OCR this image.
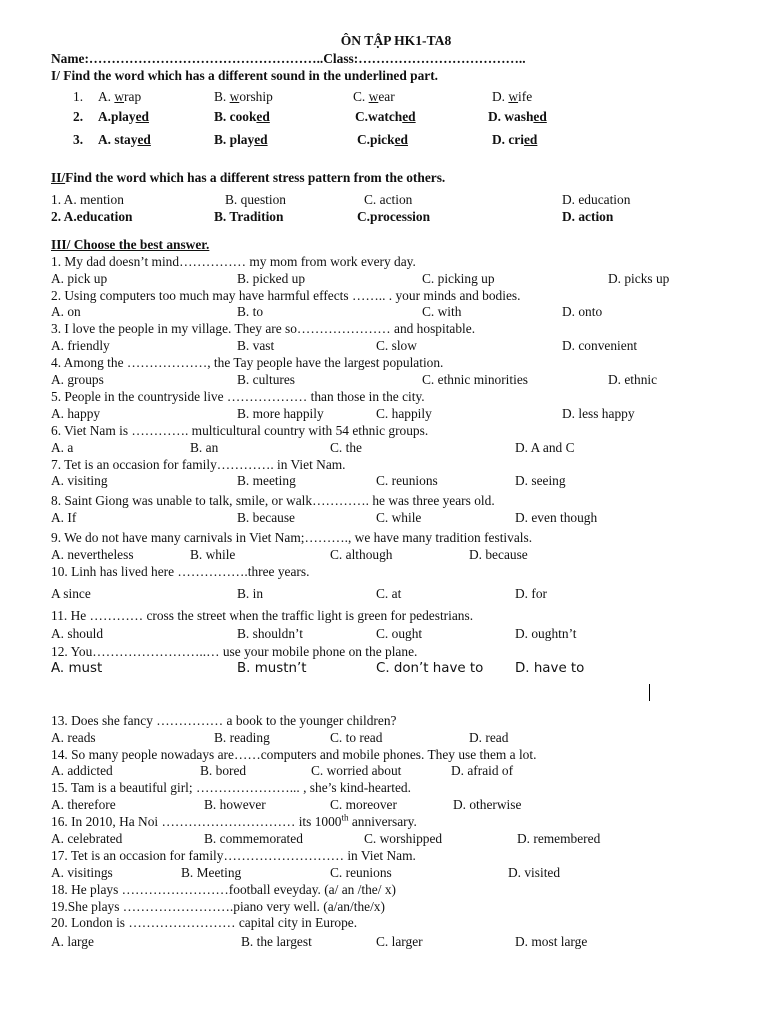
ÔN TẬP HK1-TA8
Name:……………………………………………..Class:………………………………..
I/ Find the word which has a different sound in the underlined part.
1. A. wrap	B. worship	C. wear	D. wife
2. A.played	B. cooked	C.watched	D. washed
3. A. stayed	B. played	C.picked	D. cried
II/Find the word which has a different stress pattern from the others.
1. A. mention	B. question	C. action	D. education
2. A.education	B. Tradition	C.procession	D. action
III/ Choose the best answer.
1. My dad doesn’t mind…………… my mom from work every day.
A. pick up	B. picked up	C. picking up	D. picks up
2. Using computers too much may have harmful effects …….. . your minds and bodies.
A. on	B. to	C. with	D. onto
3. I love the people in my village. They are so………………… and hospitable.
A. friendly	B. vast	C. slow	D. convenient
4. Among the ………………, the Tay people have the largest population.
A. groups	B. cultures	C. ethnic minorities	D. ethnic
5. People in the countryside live ……………… than those in the city.
A. happy	B. more happily	C. happily	D. less happy
6. Viet Nam is …………. multicultural country with 54 ethnic groups.
A. a	B. an	C. the	D. A and C
7. Tet is an occasion for family…………. in Viet Nam.
A. visiting	B. meeting	C. reunions	D. seeing
8. Saint Giong was unable to talk, smile, or walk…………. he was three years old.
A. If	B. because	C. while	D. even though
9. We do not have many carnivals in Viet Nam;………., we have many tradition festivals.
A. nevertheless	B. while	C. although	D. because
10. Linh has lived here …………….three years.
A since	B. in	C. at	D. for
11. He ………… cross the street when the traffic light is green for pedestrians.
A. should	B. shouldn’t	C. ought	D. oughtn’t
12. You……………………..… use your mobile phone on the plane.
A. must	B. mustn’t	C. don’t have to D. have to
13. Does she fancy …………… a book to the younger children?
A. reads	B. reading	C. to read	D. read
14. So many people nowadays are……computers and mobile phones. They use them a lot.
A. addicted	B. bored	C. worried about	D. afraid of
15. Tam is a beautiful girl; …………………... , she’s kind-hearted.
A. therefore	B. however	C. moreover	D. otherwise
16. In 2010, Ha Noi ………………………… its 1000th anniversary.
A. celebrated	B. commemorated	C. worshipped	D. remembered
17. Tet is an occasion for family……………………… in Viet Nam.
A. visitings	B. Meeting	C. reunions	D. visited
18. He plays ……………………football eveyday. (a/ an /the/ x)
19.She plays …………………….piano very well. (a/an/the/x)
20. London is …………………… capital city in Europe.
A. large	B. the largest	C. larger	D. most large
